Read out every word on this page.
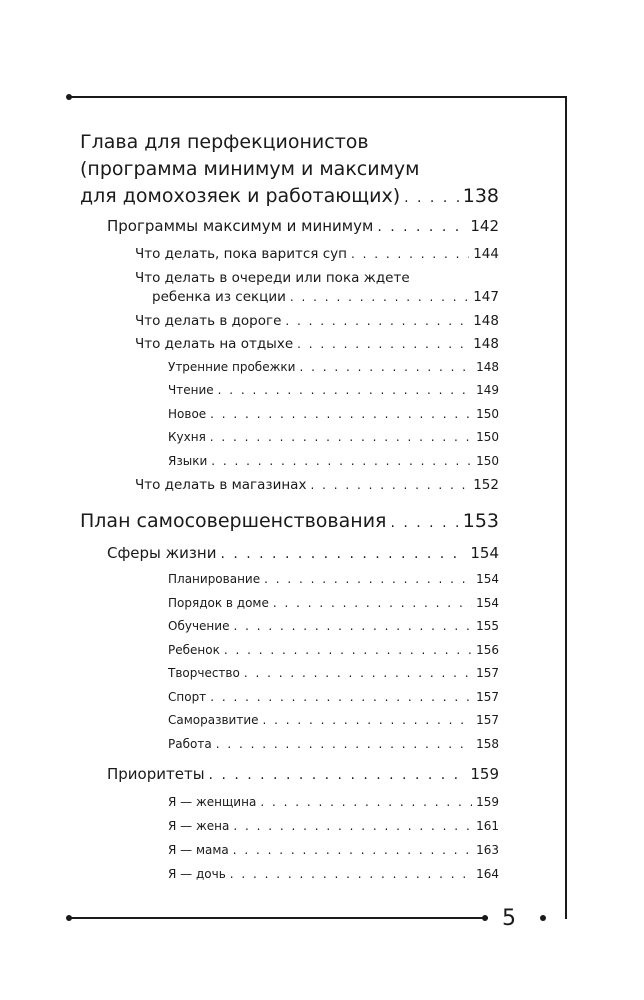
5
Глава для перфекционистов
(программа минимум и максимум
для домохозяек и работающих) . . .	138
Программы максимум и минимум . . .	142
Что делать, пока варится суп . . .	144
Что делать в очереди или пока ждете
ребенка из секции . . .	147
Что делать в дороге . . .	148
Что делать на отдыхе . . .	148
Утренние пробежки . . .	148
Чтение . . .	149
Новое . . .	150
Кухня . . .	150
Языки . . .	150
Что делать в магазинах . . .	152
План самосовершенствования . . .	153
Сферы жизни . . .	154
Планирование . . .	154
Порядок в доме . . .	154
Обучение . . .	155
Ребенок . . .	156
Творчество . . .	157
Спорт . . .	157
Саморазвитие . . .	157
Работа . . .	158
Приоритеты . . .	159
Я — женщина . . .	159
Я — жена . . .	161
Я — мама . . .	163
Я — дочь . . .	164
